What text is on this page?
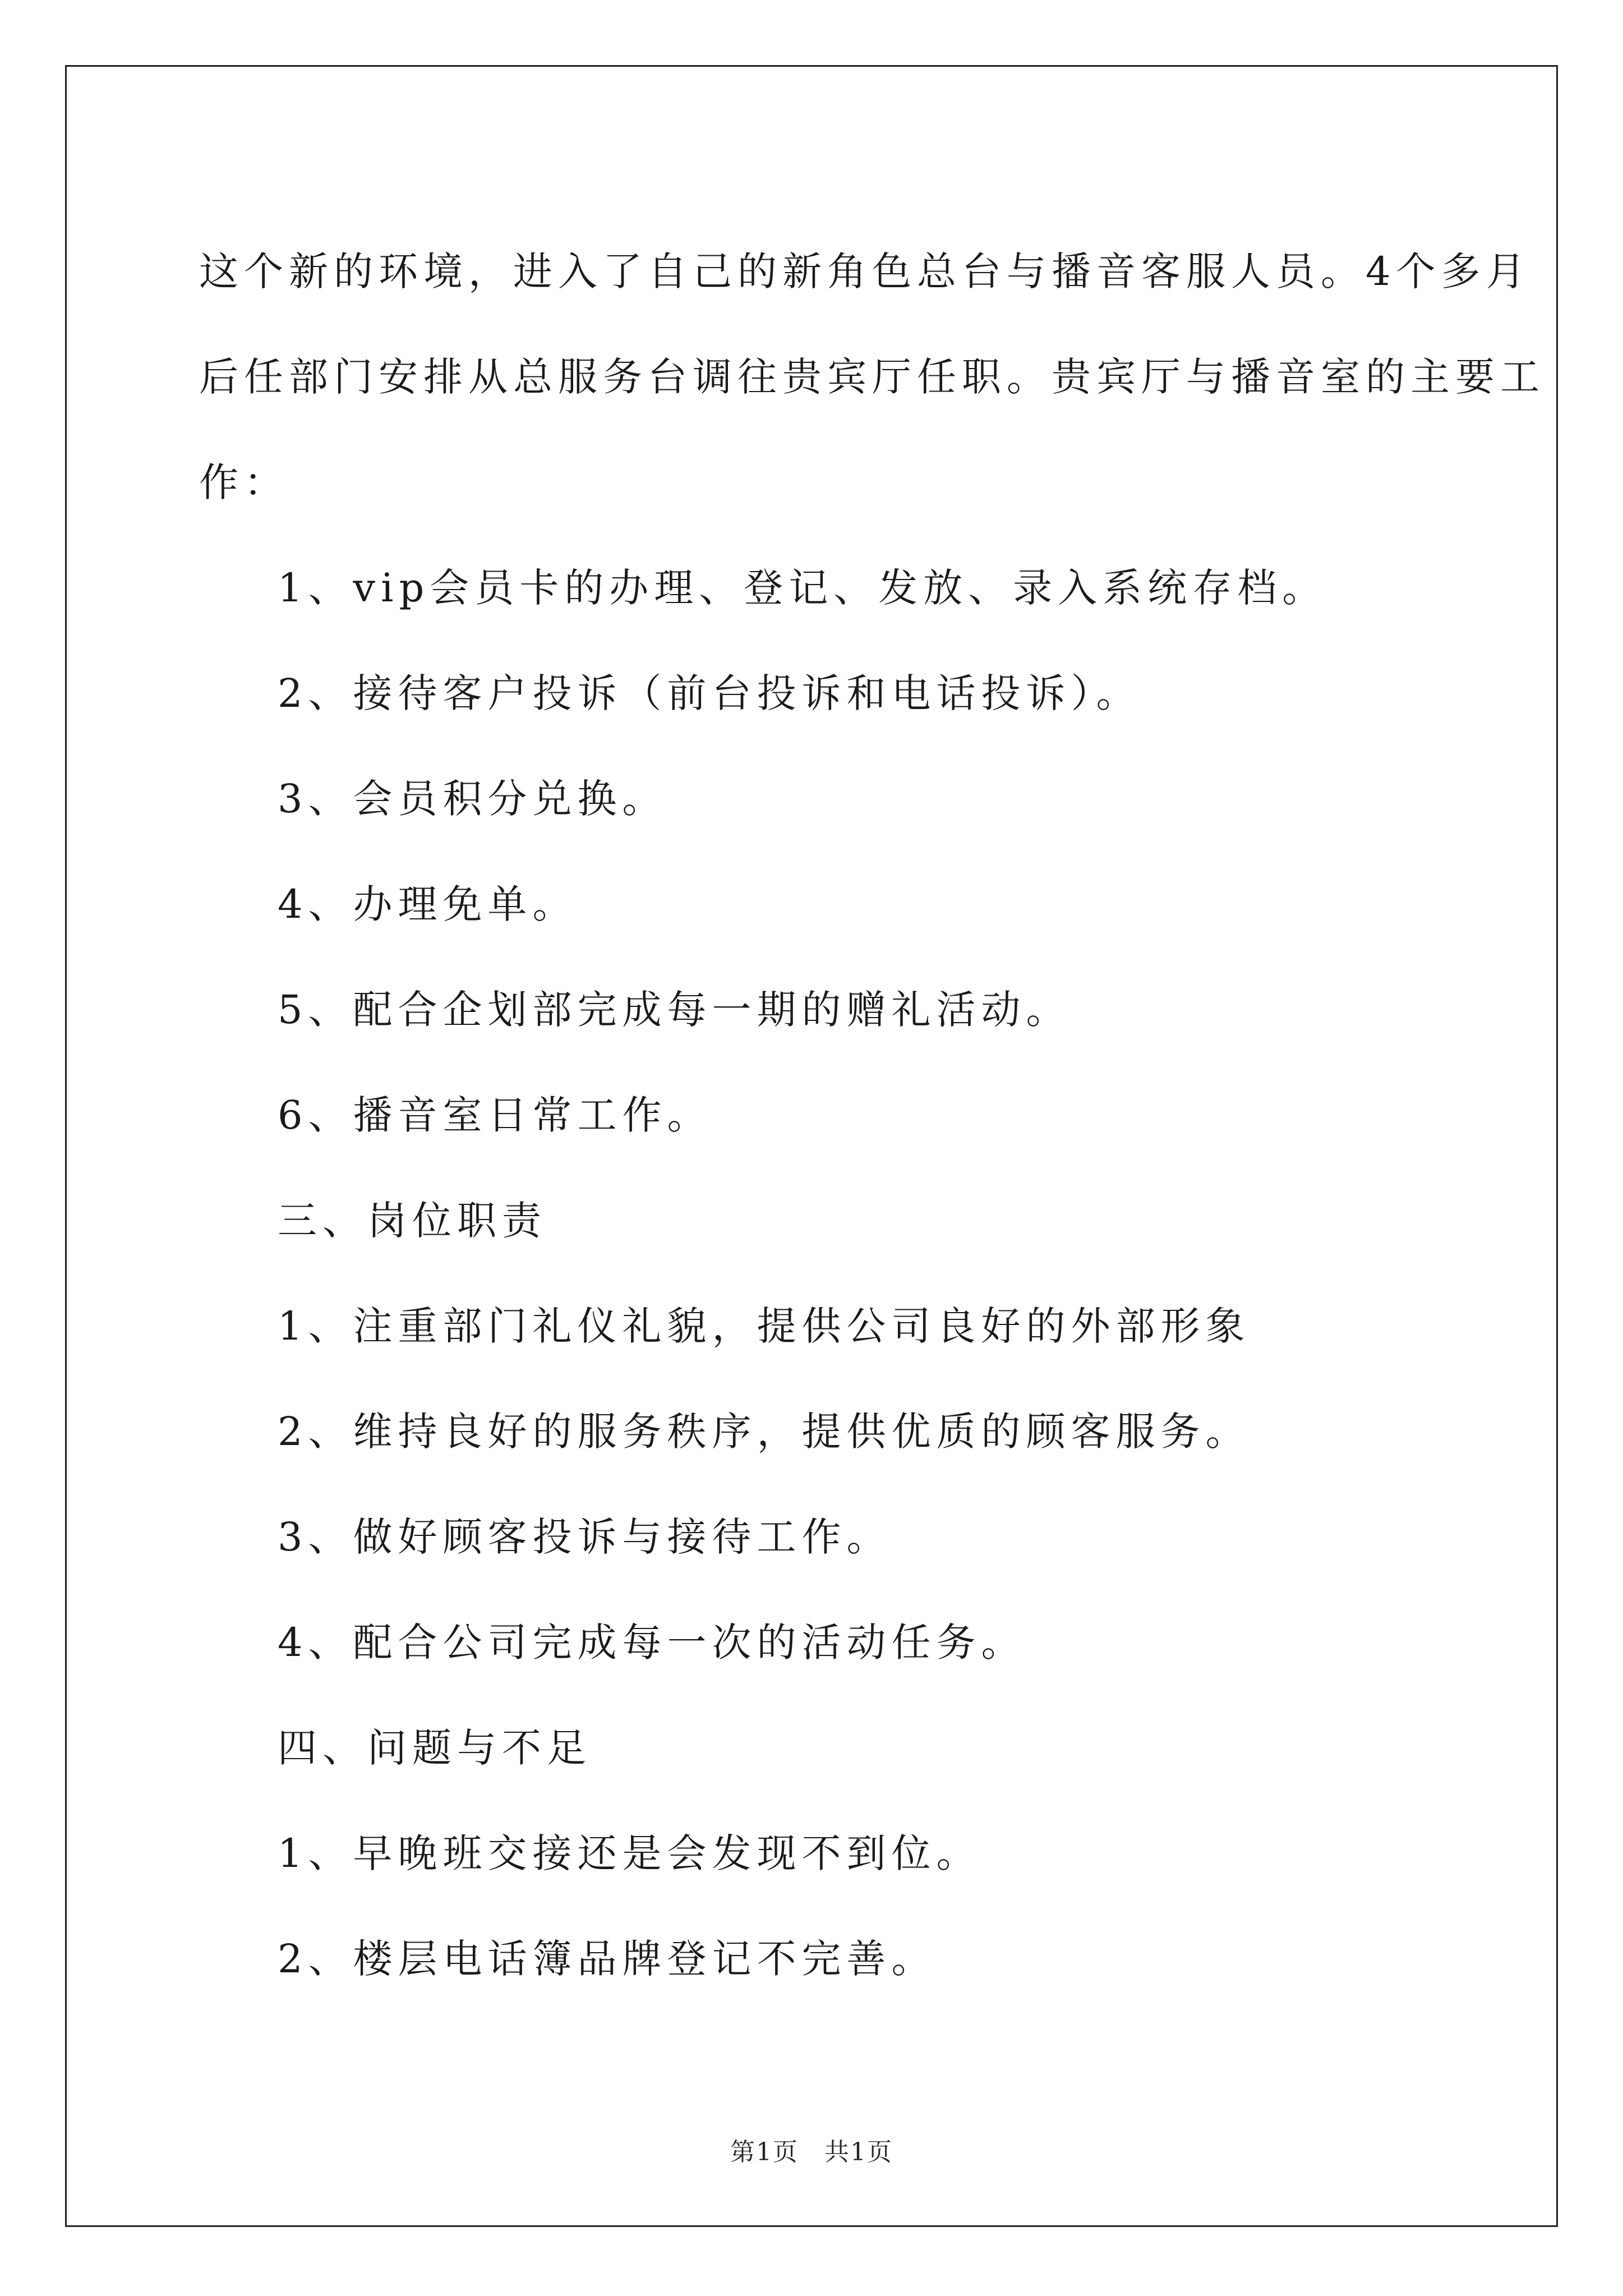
这个新的环境，进入了自己的新角色总台与播音客服人员。4个多月

后任部门安排从总服务台调往贵宾厅任职。贵宾厅与播音室的主要工

作：

1、vip会员卡的办理、登记、发放、录入系统存档。

2、接待客户投诉（前台投诉和电话投诉）。

3、会员积分兑换。

4、办理免单。

5、配合企划部完成每一期的赠礼活动。

6、播音室日常工作。

三、岗位职责

1、注重部门礼仪礼貌，提供公司良好的外部形象

2、维持良好的服务秩序，提供优质的顾客服务。

3、做好顾客投诉与接待工作。

4、配合公司完成每一次的活动任务。

四、问题与不足

1、早晚班交接还是会发现不到位。

2、楼层电话簿品牌登记不完善。

第1页　共1页
